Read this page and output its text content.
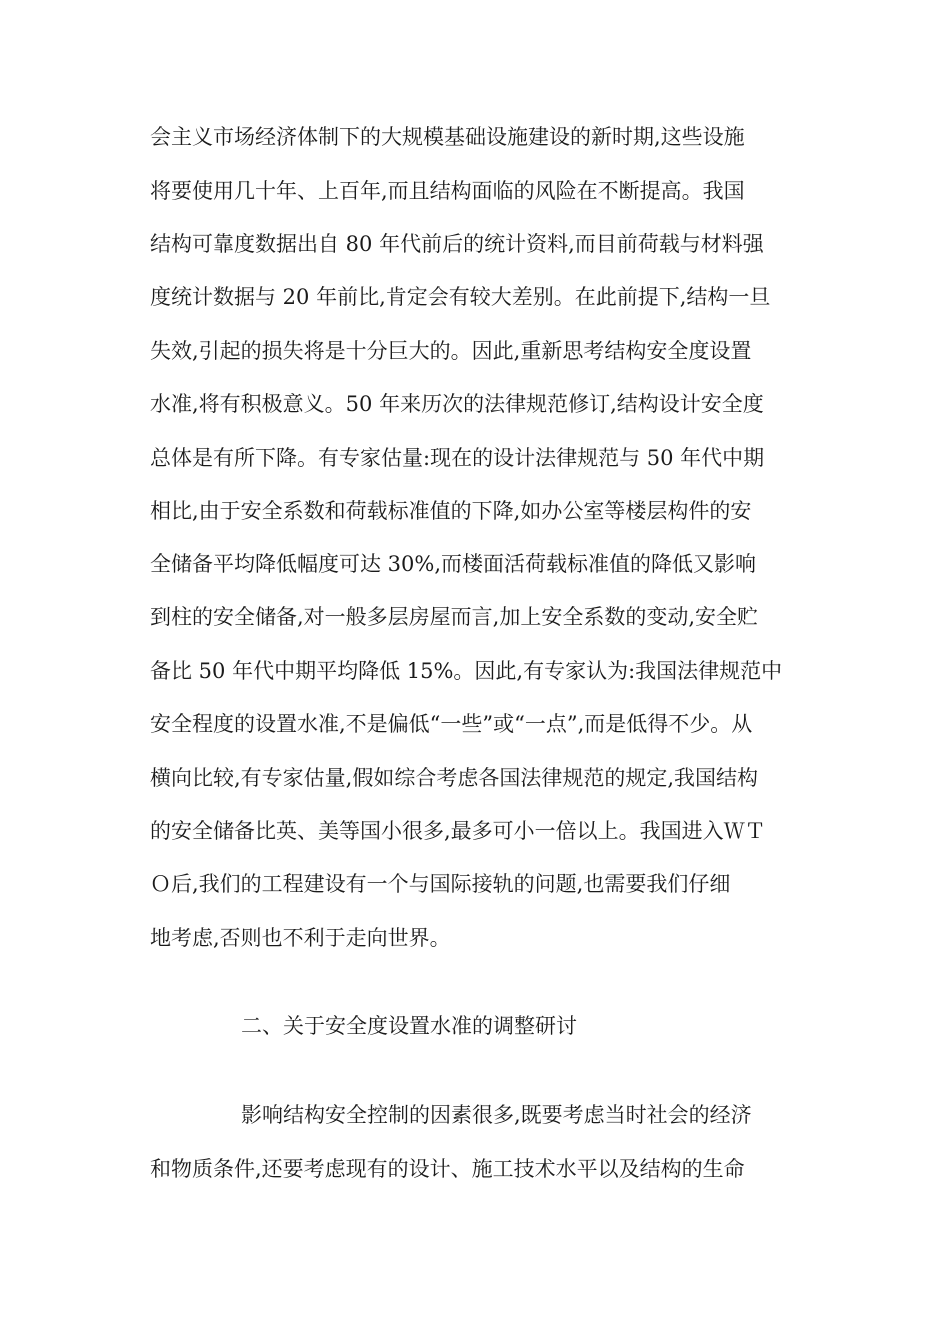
会主义市场经济体制下的大规模基础设施建设的新时期,这些设施
将要使用几十年、上百年,而且结构面临的风险在不断提高。我国
结构可靠度数据出自 80 年代前后的统计资料,而目前荷载与材料强
度统计数据与 20 年前比,肯定会有较大差别。在此前提下,结构一旦
失效,引起的损失将是十分巨大的。因此,重新思考结构安全度设置
水准,将有积极意义。50 年来历次的法律规范修订,结构设计安全度
总体是有所下降。有专家估量:现在的设计法律规范与 50 年代中期
相比,由于安全系数和荷载标准值的下降,如办公室等楼层构件的安
全储备平均降低幅度可达 30%,而楼面活荷载标准值的降低又影响
到柱的安全储备,对一般多层房屋而言,加上安全系数的变动,安全贮
备比 50 年代中期平均降低 15%。因此,有专家认为:我国法律规范中
安全程度的设置水准,不是偏低“一些”或“一点”,而是低得不少。从
横向比较,有专家估量,假如综合考虑各国法律规范的规定,我国结构
的安全储备比英、美等国小很多,最多可小一倍以上。我国进入ＷＴ
Ｏ后,我们的工程建设有一个与国际接轨的问题,也需要我们仔细
地考虑,否则也不利于走向世界。
二、关于安全度设置水准的调整研讨
影响结构安全控制的因素很多,既要考虑当时社会的经济
和物质条件,还要考虑现有的设计、施工技术水平以及结构的生命
